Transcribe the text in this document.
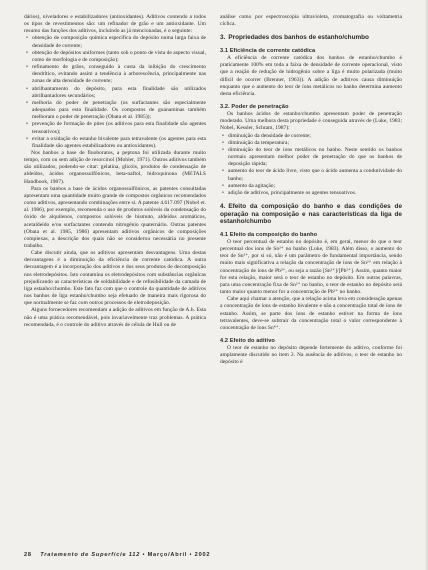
dários), niveladores e estabilizadores (antioxidantes). Aditivos contendo a todos os tipos de revestimentos são: um refinador de grão e um antioxidante. Um resumo das funções dos aditivos, incluindo as já mencionadas, é o seguinte:

• obtenção de composição química específica do depósito numa larga faixa de densidade de corrente;
• obtenção de depósitos uniformes (tanto sob o ponto de vista de aspecto visual, como de morfologia e de composição);
• refinamento de grãos, conseguido à custa da inibição do crescimento dendrítico, evitando assim a tendência à arborescência, principalmente nas zonas de alta densidade de corrente;
• abrilhantamento do depósito, para esta finalidade são utilizados abrilhantadores secundários;
• melhoria do poder de penetração (os surfactantes são especialmente adequados para esta finalidade. Os compostos de guanaminas também melhoram o poder de penetração (Obata et al. 1985));
• prevenção de formação de pites (os aditivos para esta finalidade são agentes tensoativos);
• evitar a oxidação do estanho bivalente para tetravalente (os agentes para esta finalidade são agentes estabilizadores ou antioxidantes).

Nos banhos a base de fluoboratos, a peptona foi utilizada durante muito tempo, com ou sem adição de resorcinol (Mohler, 1971). Outros aditivos também são utilizados, podendo-se citar: gelatina, glicóis, produtos de condensação de aldeídos, ácidos organossulfônicos, beta-naftol, hidroquinona (METALS Handbook, 1987).

Para os banhos a base de ácidos organossulfônicos, as patentes consultadas apresentam uma quantidade muito grande de compostos orgânicos recomendados como aditivos, apresentando combinações entre si. A patente 4.617.097 (Nobel et. al. 1986), por exemplo, recomenda o uso de produtos solúveis da condensação do óxido de alquilenos, compostos solúveis de bismuto, aldeídos aromáticos, acetaldeído e/ou surfactantes contendo nitrogênio quaternário. Outras patentes (Obata et al. 1985, 1986) apresentam aditivos orgânicos de composições complexas, a descrição dos quais não se considerou necessária no presente trabalho.

Cabe discutir ainda, que os aditivos apresentam desvantagens. Uma destas desvantagens é a diminuição da eficiência de corrente catódica. A outra desvantagem é a incorporação dos aditivos e dos seus produtos de decomposição nos eletrodepósitos. Isto contamina os eletrodepósitos com substâncias orgânicas prejudicando as características de soldabilidade e de refusibilidade da camada de liga estanho/chumbo. Este fato faz com que o controle da quantidade de aditivos nos banhos de liga estanho/chumbo seja efetuado de maneira mais rigorosa do que normalmente se faz com outros processos de eletrodeposição.

Alguns fornecedores recomendam a adição de aditivos em função de A.h. Esta não é uma prática recomendável, pois invariavelmente traz problemas. A prática recomendada, é o controle do aditivo através de célula de Hull ou de

análise como por espectroscopia ultravioleta, cromatografia ou voltametria cíclica.

3. Propriedades dos banhos de estanho/chumbo
3.1 Eficiência de corrente catódica

A eficiência de corrente catódica dos banhos de estanho/chumbo é praticamente 100% em toda a faixa de densidade de corrente operacional, visto que a reação de redução de hidrogênio sobre a liga é muito polarizada (muito difícil de ocorrer (Brenner, 1963)). A adição de aditivos causa diminuição enquanto que o aumento do teor de íons metálicos no banho determina aumento desta eficiência.

3.2. Poder de penetração

Os banhos ácidos de estanho/chumbo apresentam poder de penetração moderado. Uma melhora desta propriedade é conseguida através de (Luke, 1983; Nobel, Kessler, Schram, 1987):

• diminuição da densidade de corrente;
• diminuição da temperatura;
• diminuição do teor de íons metálicos no banho. Neste sentido os banhos normais apresentam melhor poder de penetração do que os banhos de deposição rápida;
• aumento do teor de ácido livre, visto que o ácido aumenta a condutividade do banho;
• aumento da agitação;
• adição de aditivos, principalmente os agentes tensoativos.
4. Efeito da composição do banho e das condições de operação na composição e nas características da liga de estanho/chumbo
4.1 Efeito da composição do banho

O teor percentual de estanho no depósito é, em geral, menor do que o teor percentual dos íons de Sn²⁺ no banho (Luke, 1983). Além disso, o aumento do teor de Sn²⁺, por si só, não é um parâmetro de fundamental importância, sendo muito mais significativa a relação da concentração de íons de Sn²⁺ em relação à concentração de íons de Pb²⁺, ou seja a razão [Sn²⁺]/[Pb²⁺]. Assim, quanto maior for esta relação, maior será o teor de estanho no depósito. Em outras palavras, para uma concentração fixa de Sn²⁺ no banho, o teor de estanho no depósito será tanto maior quanto menor for a concentração de Pb²⁺ no banho.

Cabe aqui chamar a atenção, que a relação acima leva em consideração apenas a concentração de íons de estanho bivalente e não a concentração total de íons de estanho. Assim, se parte dos íons de estanho estiver na forma de íons tetravalentes, deve-se subtrair da concentração total o valor correspondente à concentração de íons Sn⁴⁺.

4.2 Efeito do aditivo

O teor de estanho no depósito depende fortemente do aditivo, conforme foi amplamente discutido no item 2. Na ausência de aditivos, o teor de estanho no depósito é

28 Tratamento de Superfície 112 • Março/Abril • 2002
